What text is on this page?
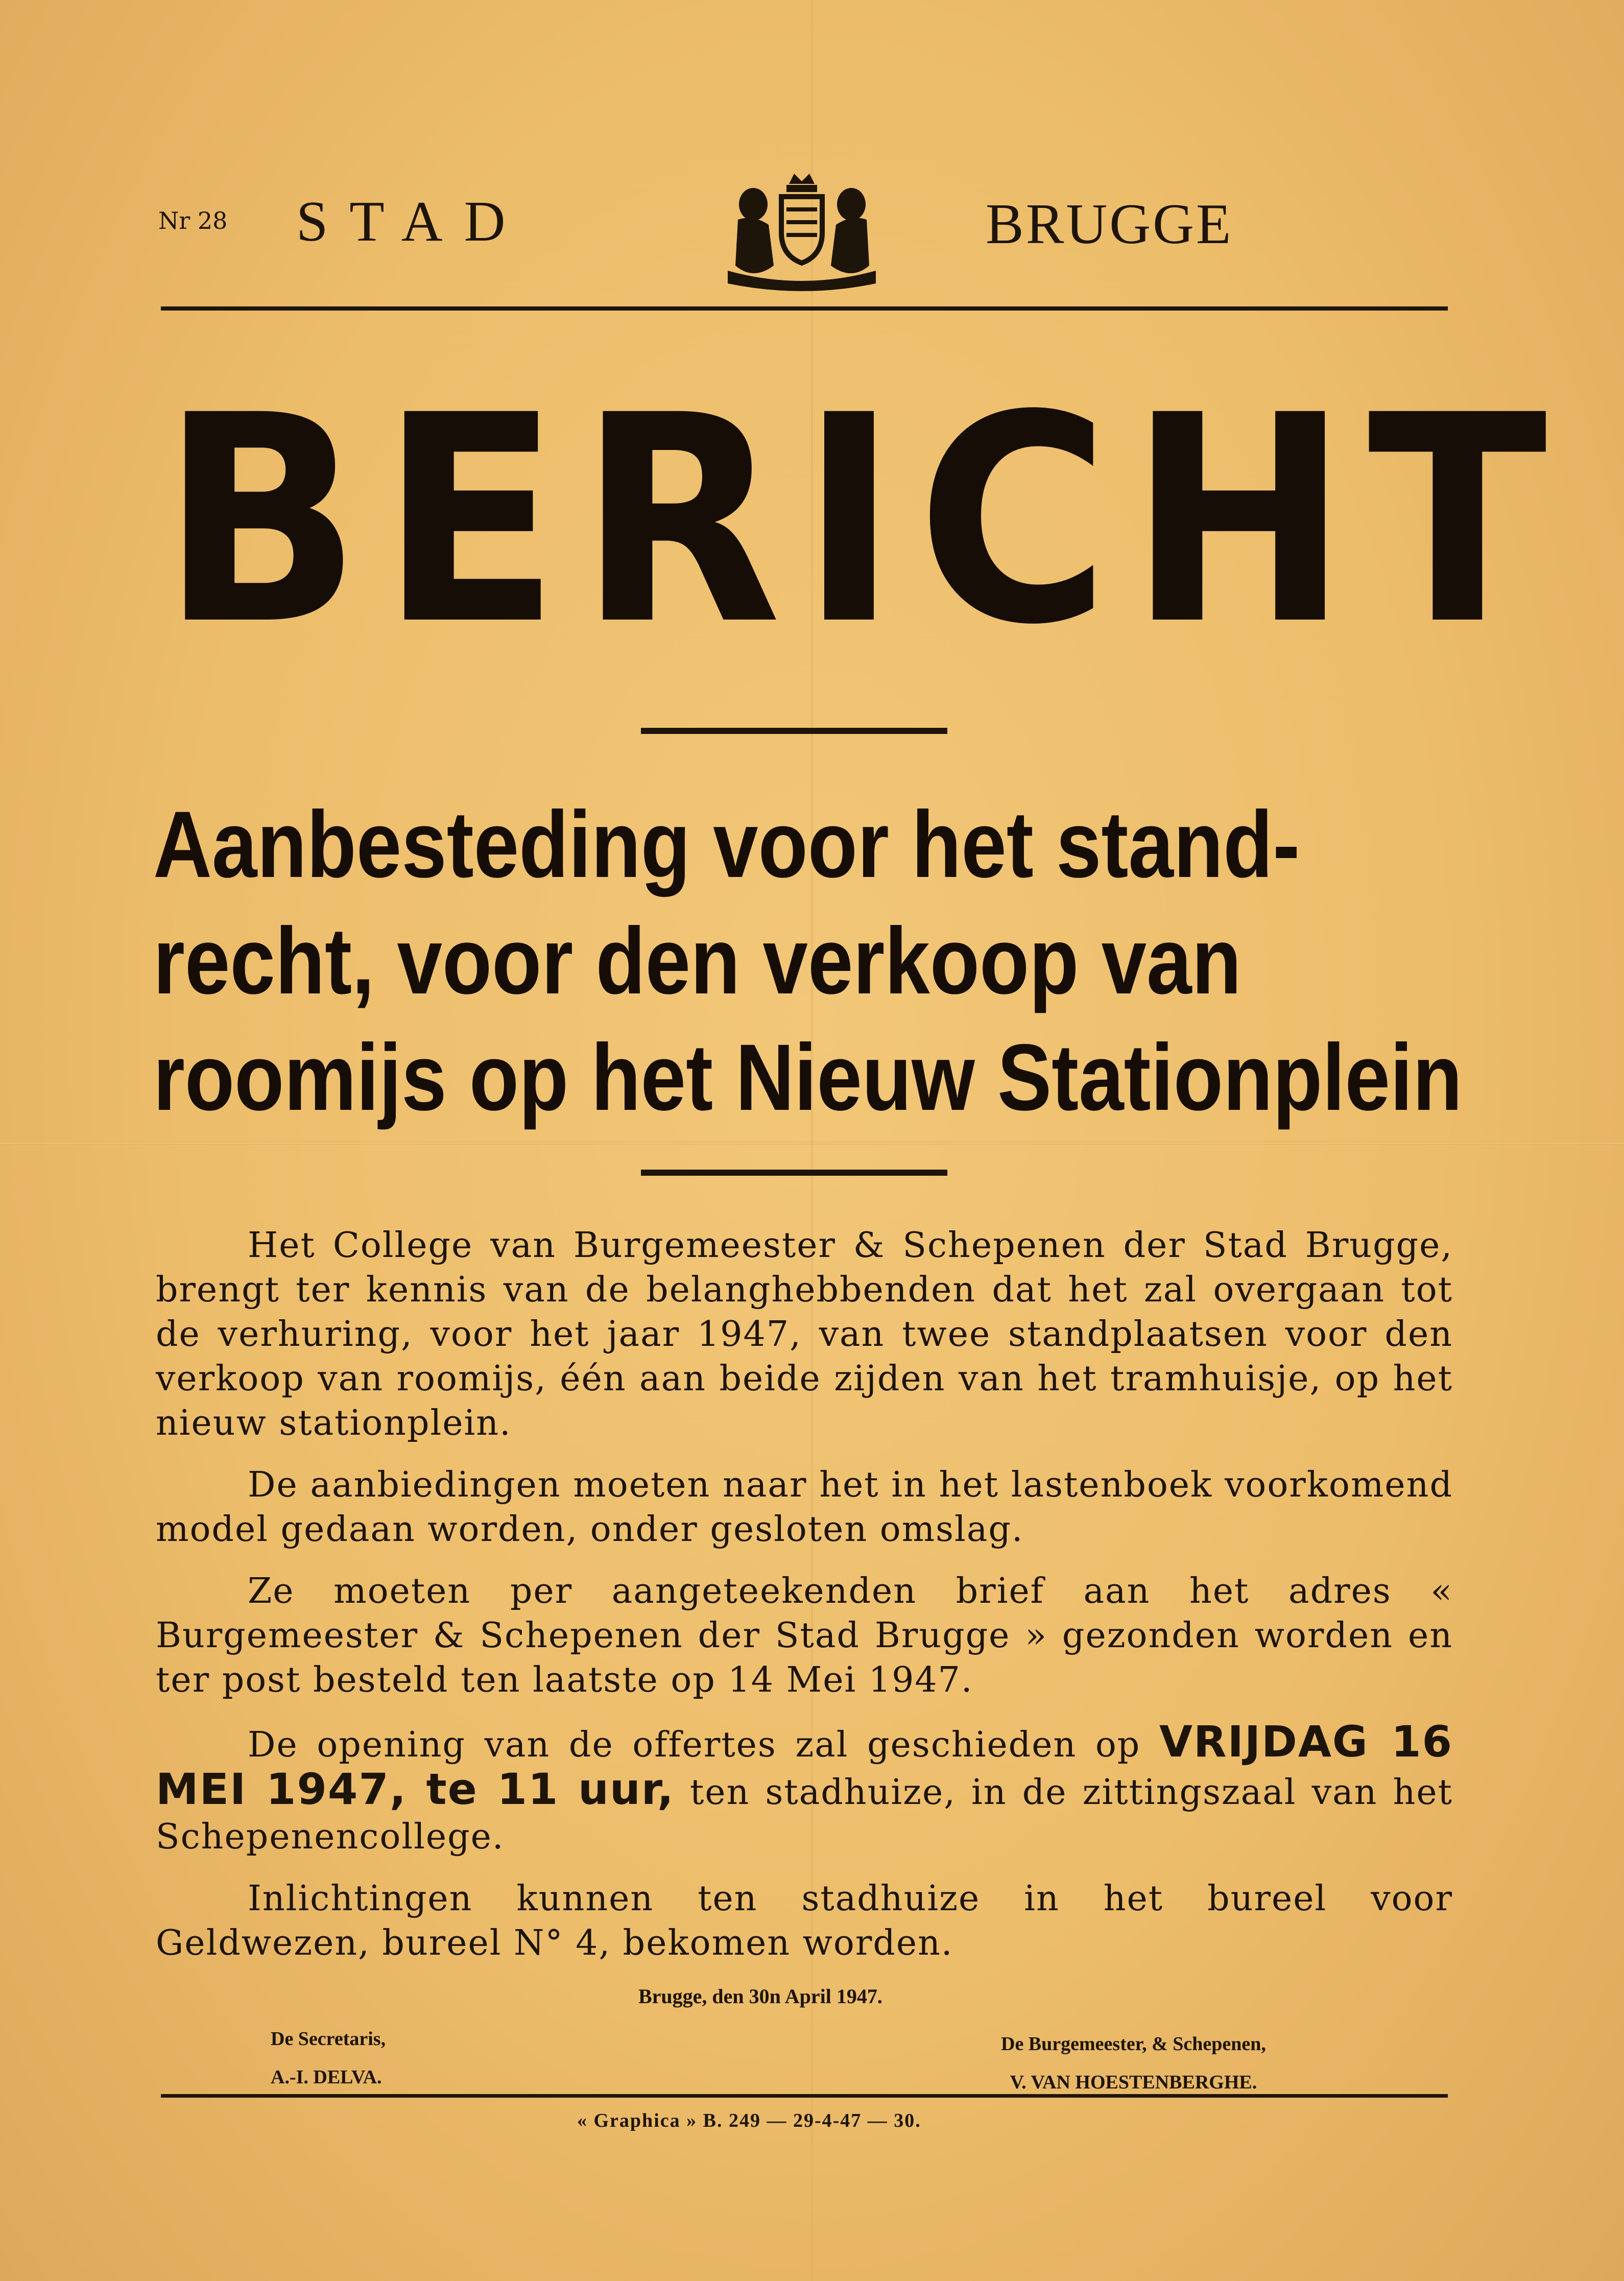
Nr 28 STAD	BRUGGE
BERICHT
Aanbesteding voor het stand-
recht, voor den verkoop van
roomijs op het Nieuw Stationplein

Het College van Burgemeester & Schepenen der Stad Brugge, brengt ter kennis van de belanghebbenden dat het zal overgaan tot de verhuring, voor het jaar 1947, van twee standplaatsen voor den verkoop van roomijs, één aan beide zijden van het tramhuisje, op het nieuw stationplein.

De aanbiedingen moeten naar het in het lastenboek voorkomend model gedaan worden, onder gesloten omslag.

Ze moeten per aangeteekenden brief aan het adres « Burgemeester & Schepenen der Stad Brugge » gezonden worden en ter post besteld ten laatste op 14 Mei 1947.

De opening van de offertes zal geschieden op VRIJDAG 16 MEI 1947, te 11 uur, ten stadhuize, in de zittingszaal van het Schepenencollege.

Inlichtingen kunnen ten stadhuize in het bureel voor Geldwezen, bureel N° 4, bekomen worden.

Brugge, den 30n April 1947.
De Secretaris,
A.-I. DELVA.
De Burgemeester, & Schepenen,
V. VAN HOESTENBERGHE.
« Graphica » B. 249 — 29-4-47 — 30.
